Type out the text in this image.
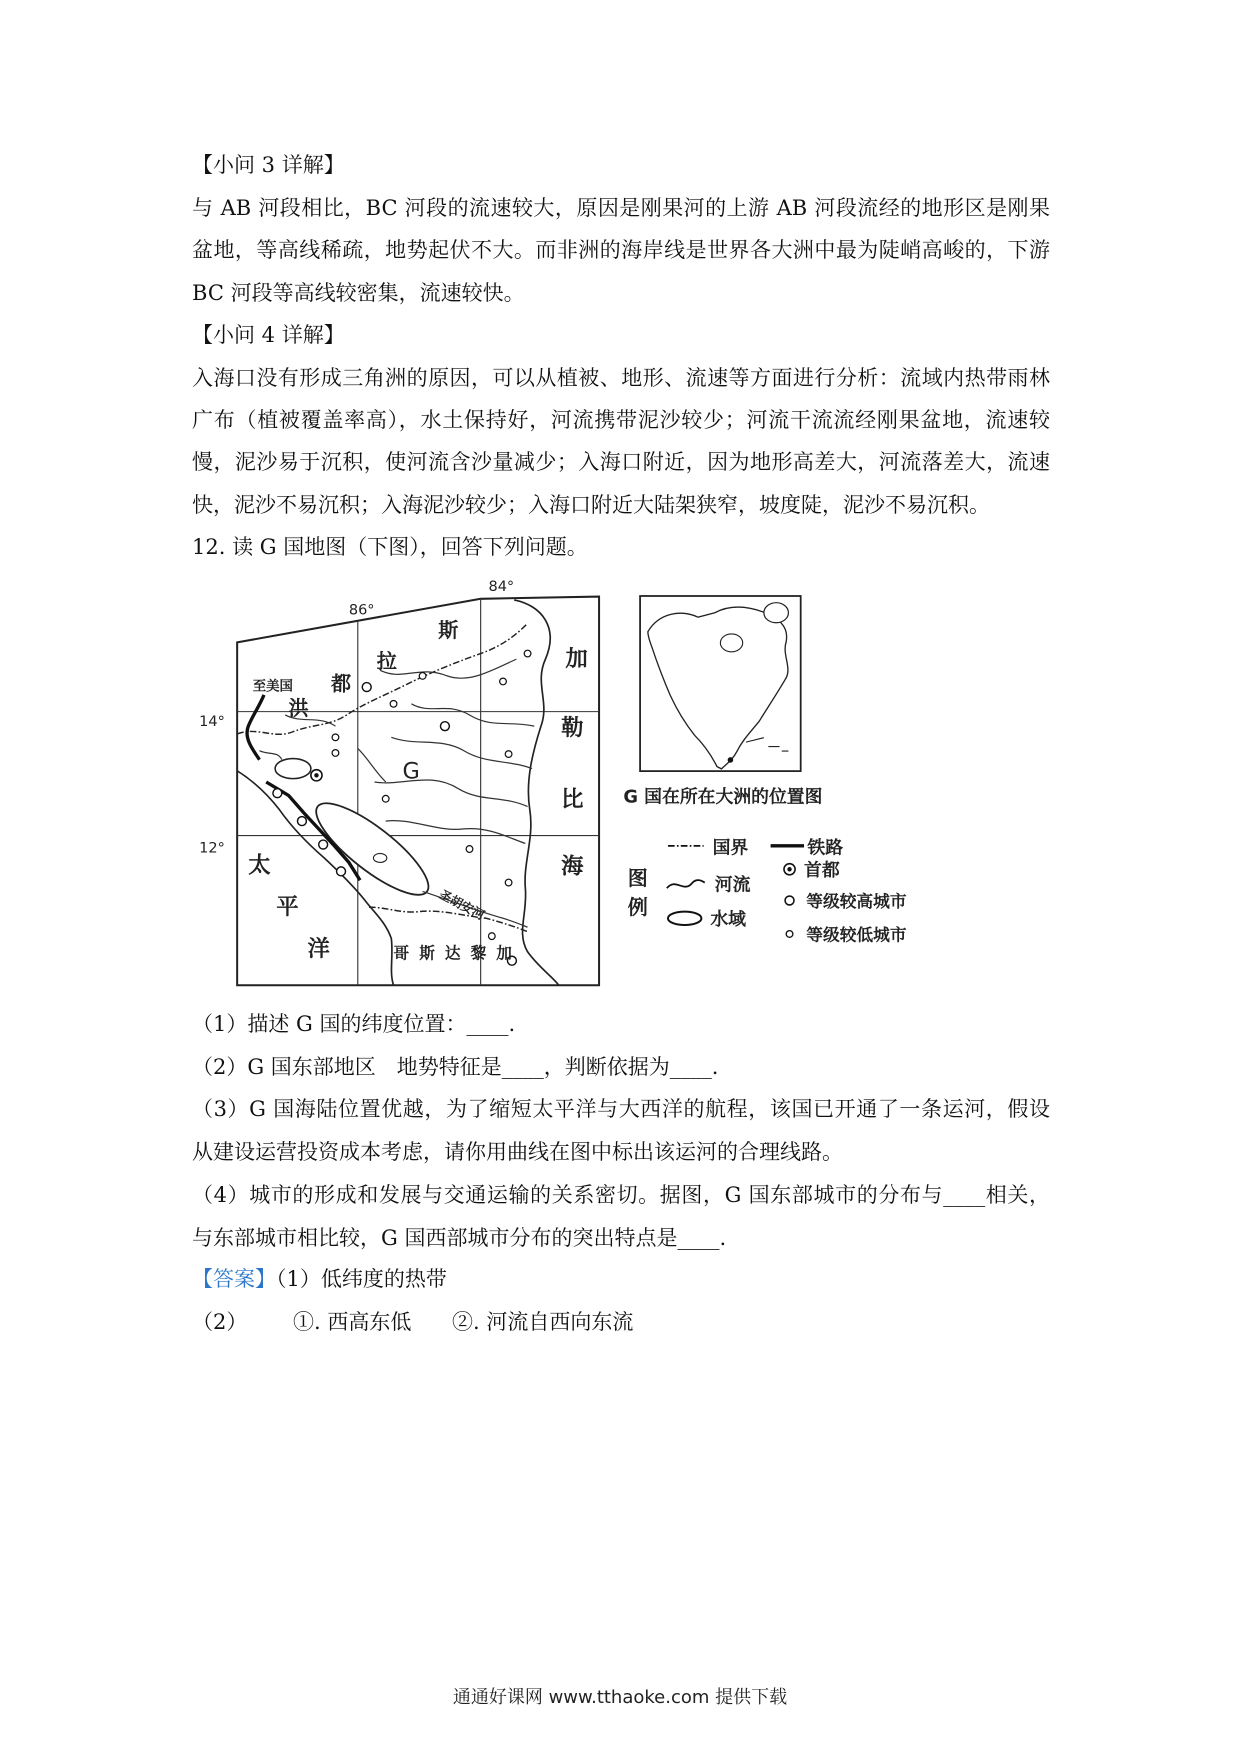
【小问 3 详解】
与 AB 河段相比，BC 河段的流速较大，原因是刚果河的上游 AB 河段流经的地形区是刚果
盆地，等高线稀疏，地势起伏不大。而非洲的海岸线是世界各大洲中最为陡峭高峻的，下游
BC 河段等高线较密集，流速较快。
【小问 4 详解】
入海口没有形成三角洲的原因，可以从植被、地形、流速等方面进行分析：流域内热带雨林
广布（植被覆盖率高），水土保持好，河流携带泥沙较少；河流干流流经刚果盆地，流速较
慢，泥沙易于沉积，使河流含沙量减少；入海口附近，因为地形高差大，河流落差大，流速
快，泥沙不易沉积；入海泥沙较少；入海口附近大陆架狭窄，坡度陡，泥沙不易沉积。
12. 读 G 国地图（下图），回答下列问题。
86°
84°
14°
12°
至美国
洪
都
拉
斯
G
加
勒
比
海
太
平
洋	哥斯达黎加
圣胡安河
G 国在所在大洲的位置图
图
例
国界	铁路
河流
首都
水域
等级较高城市
等级较低城市
（1）描述 G 国的纬度位置：____.
（2）G 国东部地区　地势特征是____，判断依据为____.
（3）G 国海陆位置优越，为了缩短太平洋与大西洋的航程，该国已开通了一条运河，假设
从建设运营投资成本考虑，请你用曲线在图中标出该运河的合理线路。
（4）城市的形成和发展与交通运输的关系密切。据图，G 国东部城市的分布与____相关，
与东部城市相比较，G 国西部城市分布的突出特点是____.
【答案】（1）低纬度的热带
（2） ①. 西高东低 ②. 河流自西向东流
通通好课网 www.tthaoke.com 提供下载
